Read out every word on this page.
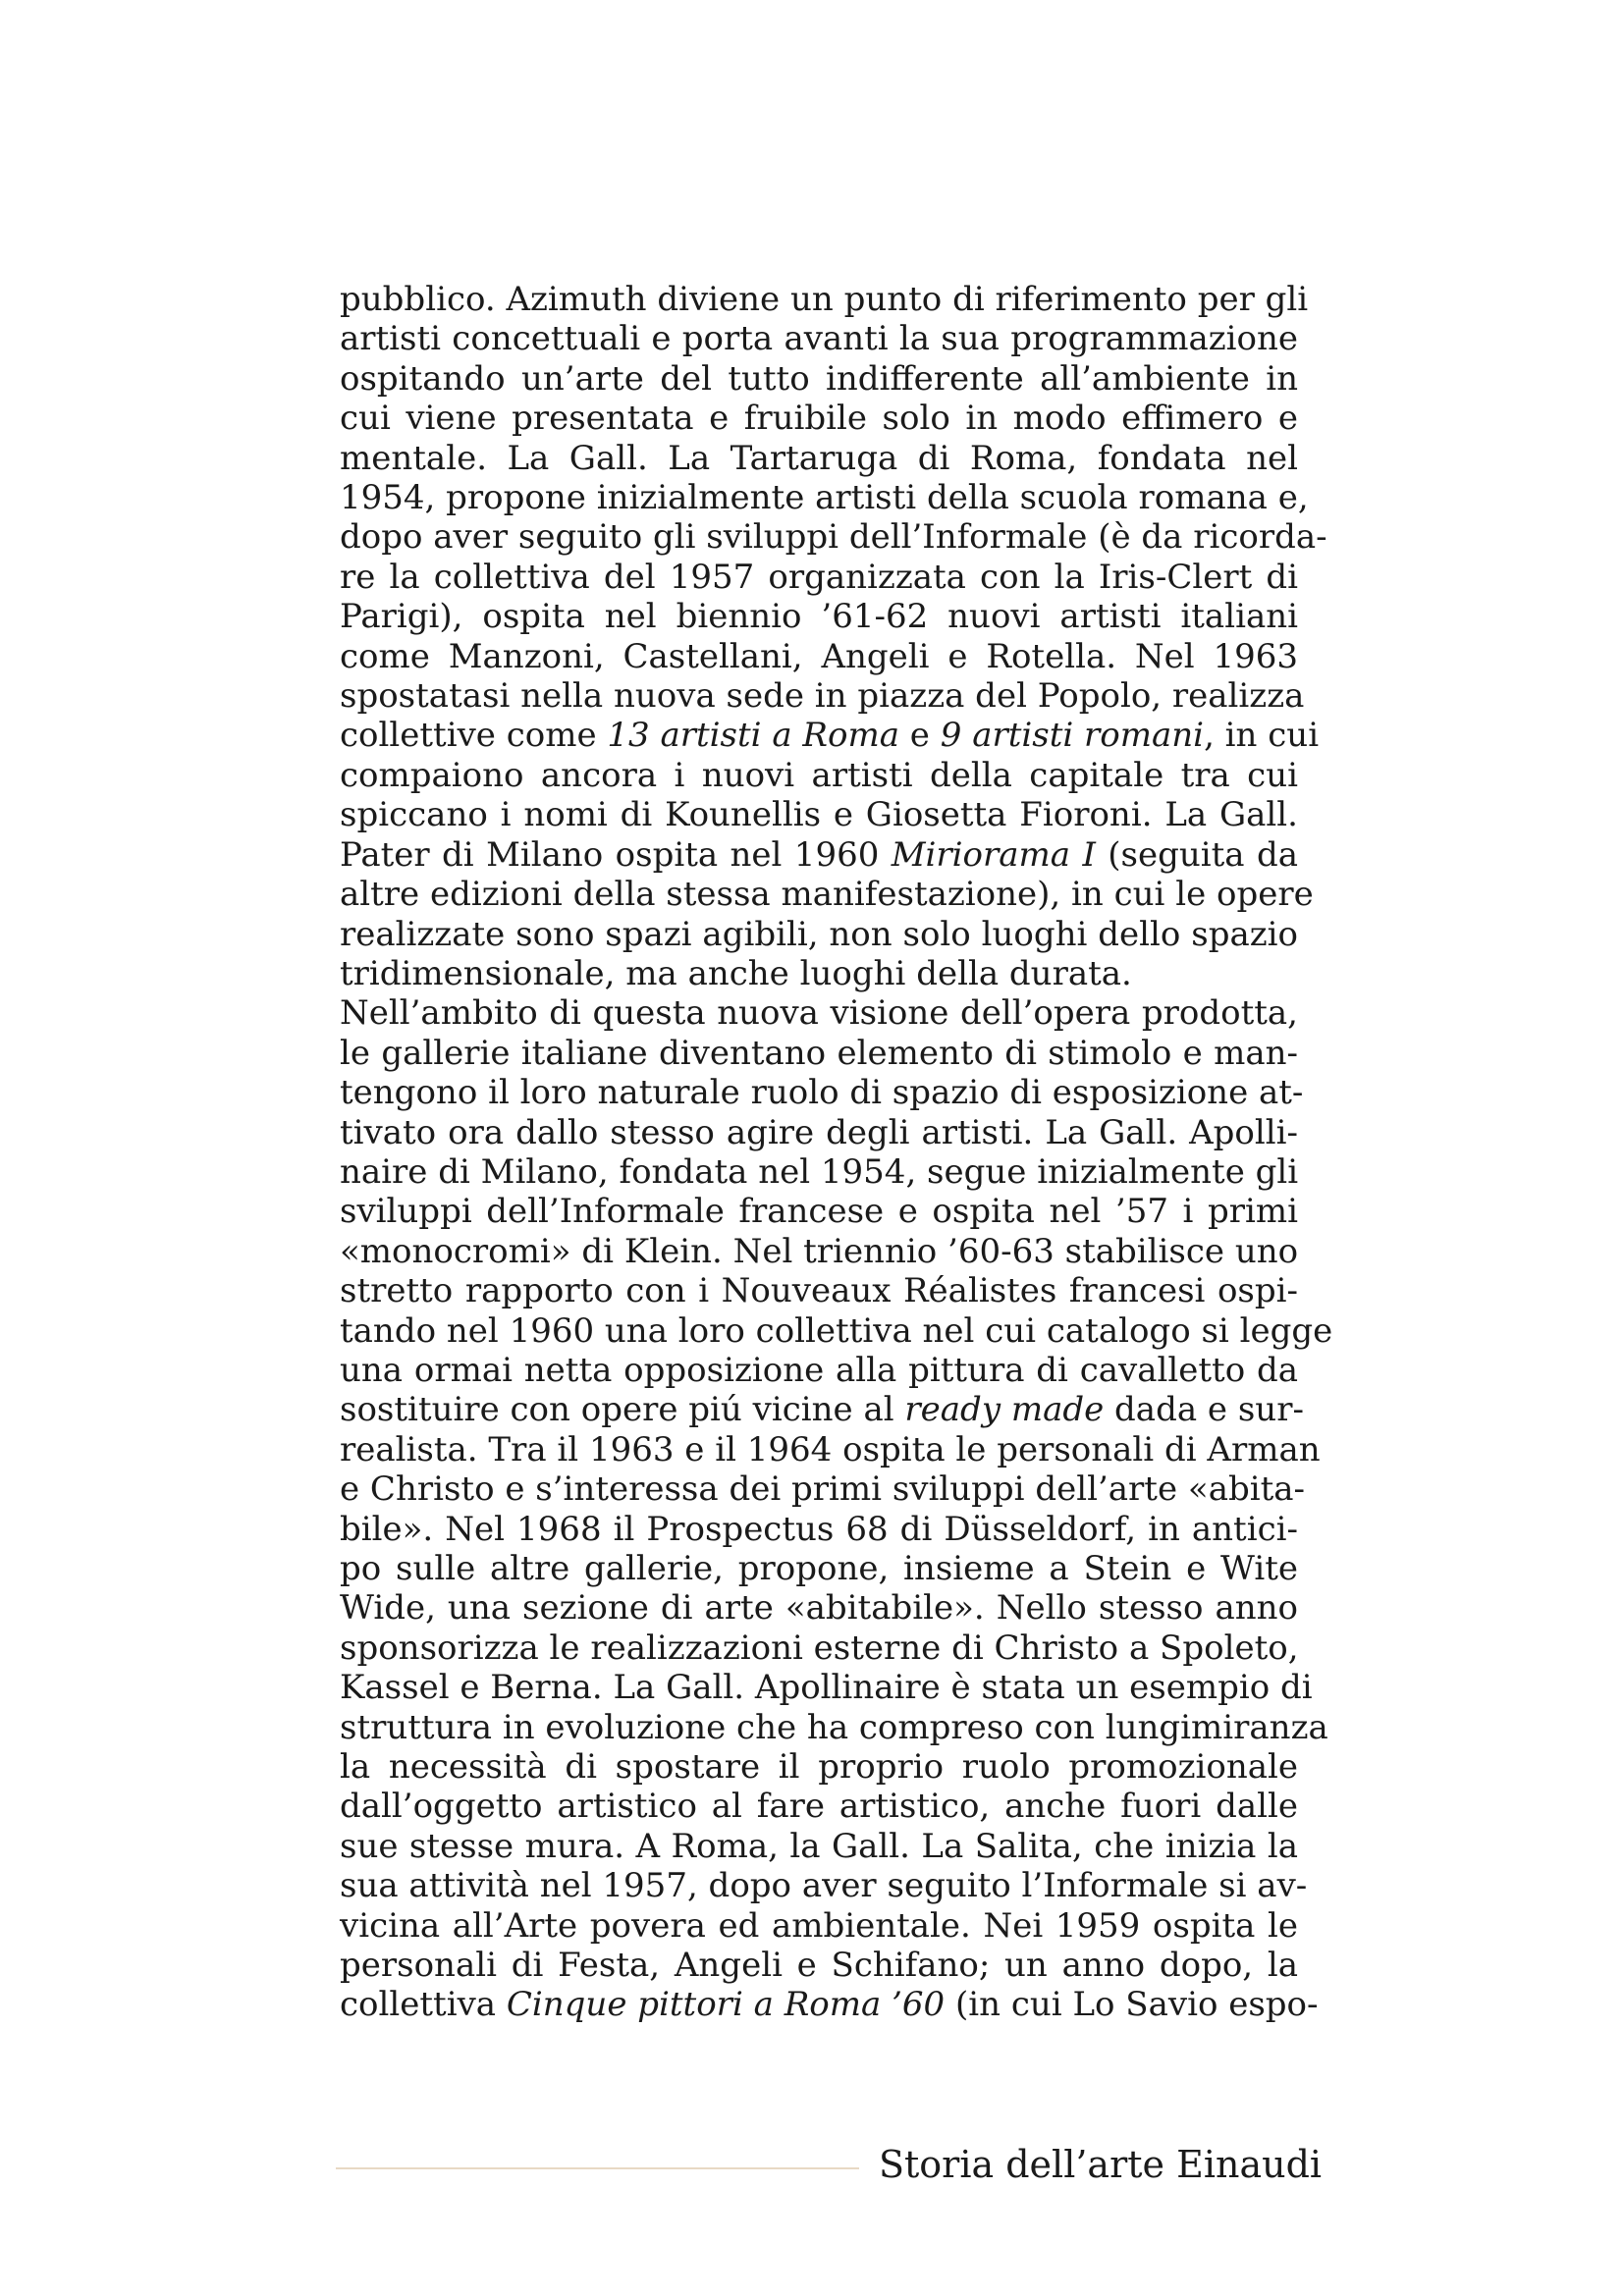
pubblico. Azimuth diviene un punto di riferimento per gli
artisti concettuali e porta avanti la sua programmazione
ospitando un’arte del tutto indifferente all’ambiente in
cui viene presentata e fruibile solo in modo effimero e
mentale. La Gall. La Tartaruga di Roma, fondata nel
1954, propone inizialmente artisti della scuola romana e,
dopo aver seguito gli sviluppi dell’Informale (è da ricorda-
re la collettiva del 1957 organizzata con la Iris-Clert di
Parigi), ospita nel biennio ’61-62 nuovi artisti italiani
come Manzoni, Castellani, Angeli e Rotella. Nel 1963
spostatasi nella nuova sede in piazza del Popolo, realizza
collettive come 13 artisti a Roma e 9 artisti romani, in cui
compaiono ancora i nuovi artisti della capitale tra cui
spiccano i nomi di Kounellis e Giosetta Fioroni. La Gall.
Pater di Milano ospita nel 1960 Miriorama I (seguita da
altre edizioni della stessa manifestazione), in cui le opere
realizzate sono spazi agibili, non solo luoghi dello spazio
tridimensionale, ma anche luoghi della durata.
Nell’ambito di questa nuova visione dell’opera prodotta,
le gallerie italiane diventano elemento di stimolo e man-
tengono il loro naturale ruolo di spazio di esposizione at-
tivato ora dallo stesso agire degli artisti. La Gall. Apolli-
naire di Milano, fondata nel 1954, segue inizialmente gli
sviluppi dell’Informale francese e ospita nel ’57 i primi
«monocromi» di Klein. Nel triennio ’60-63 stabilisce uno
stretto rapporto con i Nouveaux Réalistes francesi ospi-
tando nel 1960 una loro collettiva nel cui catalogo si legge
una ormai netta opposizione alla pittura di cavalletto da
sostituire con opere piú vicine al ready made dada e sur-
realista. Tra il 1963 e il 1964 ospita le personali di Arman
e Christo e s’interessa dei primi sviluppi dell’arte «abita-
bile». Nel 1968 il Prospectus 68 di Düsseldorf, in antici-
po sulle altre gallerie, propone, insieme a Stein e Wite
Wide, una sezione di arte «abitabile». Nello stesso anno
sponsorizza le realizzazioni esterne di Christo a Spoleto,
Kassel e Berna. La Gall. Apollinaire è stata un esempio di
struttura in evoluzione che ha compreso con lungimiranza
la necessità di spostare il proprio ruolo promozionale
dall’oggetto artistico al fare artistico, anche fuori dalle
sue stesse mura. A Roma, la Gall. La Salita, che inizia la
sua attività nel 1957, dopo aver seguito l’Informale si av-
vicina all’Arte povera ed ambientale. Nei 1959 ospita le
personali di Festa, Angeli e Schifano; un anno dopo, la
collettiva Cinque pittori a Roma ’60 (in cui Lo Savio espo-
Storia dell’arte Einaudi
